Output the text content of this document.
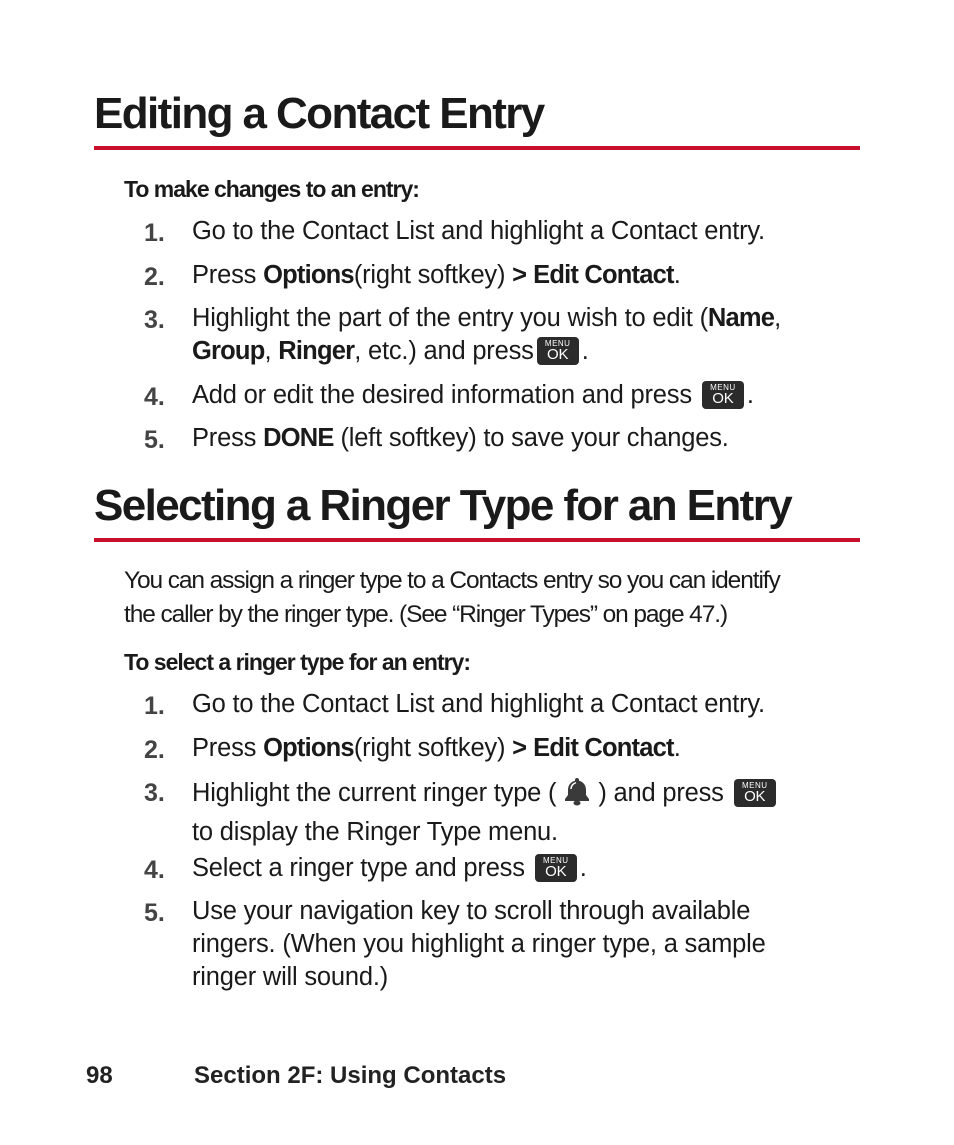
Editing a Contact Entry
To make changes to an entry:
1. Go to the Contact List and highlight a Contact entry.
2. Press Options(right softkey) > Edit Contact.
3. Highlight the part of the entry you wish to edit (Name,
Group, Ringer, etc.) and press	MENU
OK .
4. Add or edit the desired information and press	MENU
OK .
5. Press DONE (left softkey) to save your changes.
Selecting a Ringer Type for an Entry
You can assign a ringer type to a Contacts entry so you can identify
the caller by the ringer type. (See “Ringer Types” on page 47.)
To select a ringer type for an entry:
1. Go to the Contact List and highlight a Contact entry.
2. Press Options(right softkey) > Edit Contact.
3. Highlight the current ringer type ( ) and press	MENU
OK

to display the Ringer Type menu.
4. Select a ringer type and press	MENU
OK .
5. Use your navigation key to scroll through available
ringers. (When you highlight a ringer type, a sample
ringer will sound.)
98	Section 2F: Using Contacts
